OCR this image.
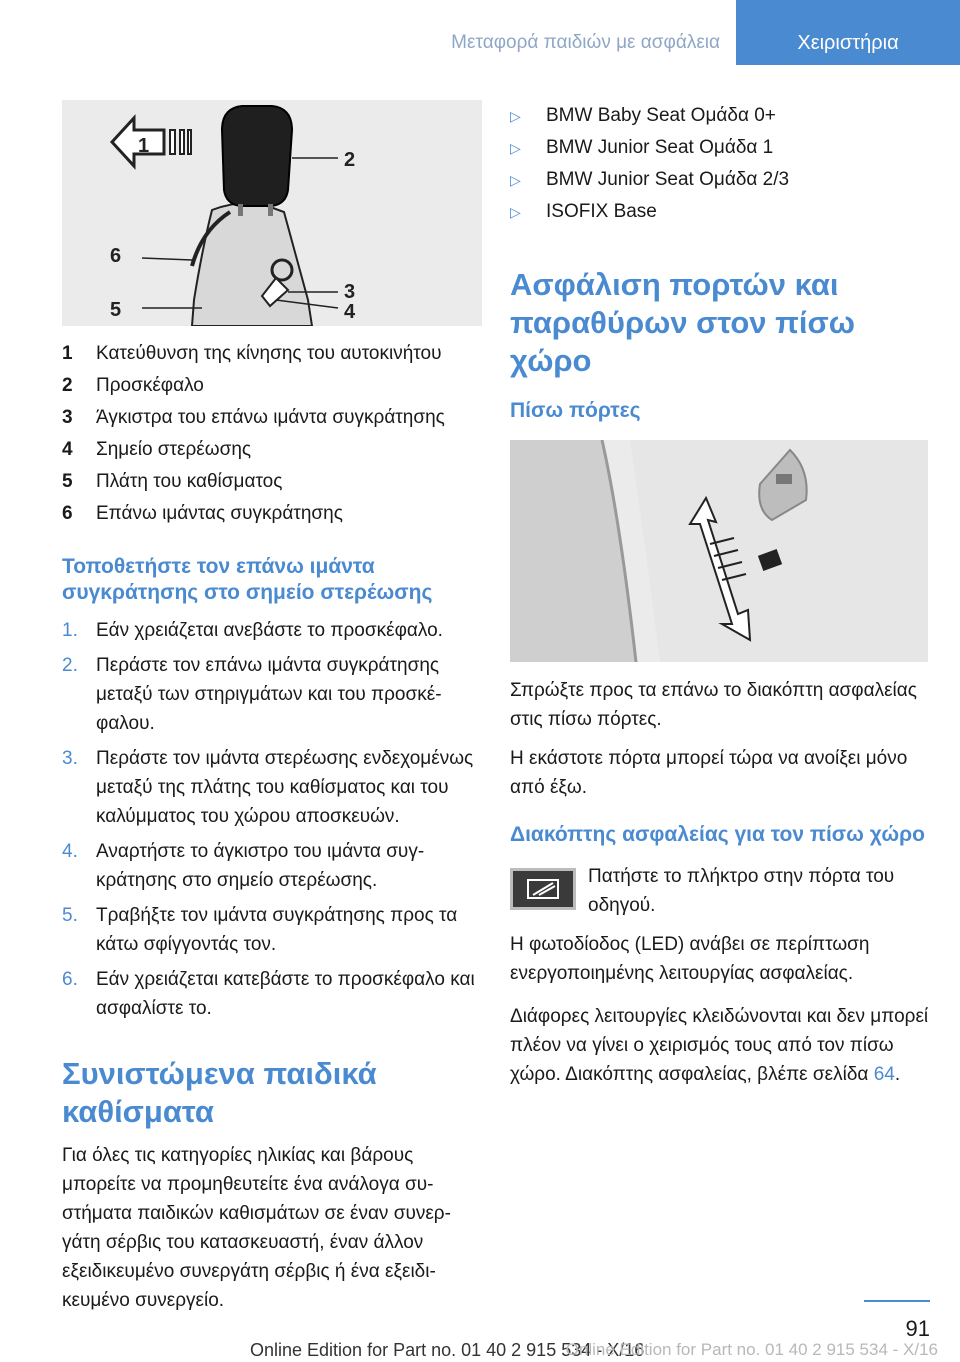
Μεταφορά παιδιών με ασφάλεια	Χειριστήρια
1
2
3
4
5
6
1	Κατεύθυνση της κίνησης του αυτοκινήτου
2	Προσκέφαλο
3	Άγκιστρα του επάνω ιμάντα συγκράτησης
4	Σημείο στερέωσης
5	Πλάτη του καθίσματος
6	Επάνω ιμάντας συγκράτησης
Τοποθετήστε τον επάνω ιμάντα συγκράτησης στο σημείο στερέωσης
1. Εάν χρειάζεται ανεβάστε το προσκέφαλο.
2. Περάστε τον επάνω ιμάντα συγκράτησης μεταξύ των στηριγμάτων και του προσκέφαλου.
3. Περάστε τον ιμάντα στερέωσης ενδεχομένως μεταξύ της πλάτης του καθίσματος και του καλύμματος του χώρου αποσκευών.
4. Αναρτήστε το άγκιστρο του ιμάντα συγκράτησης στο σημείο στερέωσης.
5. Τραβήξτε τον ιμάντα συγκράτησης προς τα κάτω σφίγγοντάς τον.
6. Εάν χρειάζεται κατεβάστε το προσκέφαλο και ασφαλίστε το.
Συνιστώμενα παιδικά καθίσματα
Για όλες τις κατηγορίες ηλικίας και βάρους μπορείτε να προμηθευτείτε ένα ανάλογα συστήματα παιδικών καθισμάτων σε έναν συνεργάτη σέρβις του κατασκευαστή, έναν άλλον εξειδικευμένο συνεργάτη σέρβις ή ένα εξειδικευμένο συνεργείο.
▷	BMW Baby Seat Ομάδα 0+
▷	BMW Junior Seat Ομάδα 1
▷	BMW Junior Seat Ομάδα 2/3
▷	ISOFIX Base
Ασφάλιση πορτών και παραθύρων στον πίσω χώρο
Πίσω πόρτες
Σπρώξτε προς τα επάνω το διακόπτη ασφαλείας στις πίσω πόρτες.
Η εκάστοτε πόρτα μπορεί τώρα να ανοίξει μόνο από έξω.
Διακόπτης ασφαλείας για τον πίσω χώρο
Πατήστε το πλήκτρο στην πόρτα του οδηγού.
Η φωτοδίοδος (LED) ανάβει σε περίπτωση ενεργοποιημένης λειτουργίας ασφαλείας.
Διάφορες λειτουργίες κλειδώνονται και δεν μπορεί πλέον να γίνει ο χειρισμός τους από τον πίσω χώρο. Διακόπτης ασφαλείας, βλέπε σελίδα 64.
91
Online Edition for Part no. 01 40 2 915 534 - X/16
Online Edition for Part no. 01 40 2 915 534 - X/16
